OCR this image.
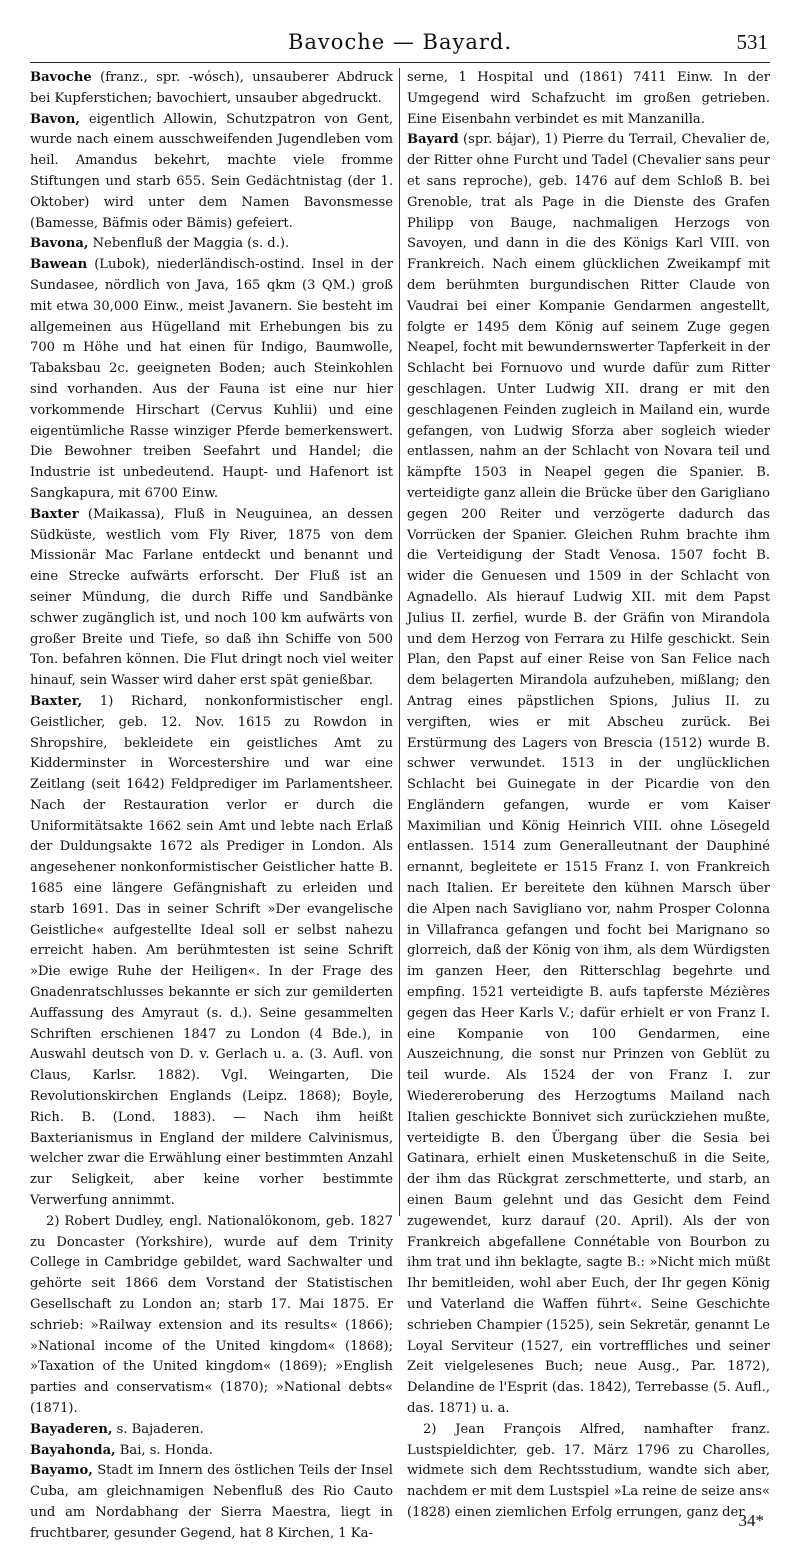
Bavoche — Bayard.	531

Bavoche (franz., spr. -wósch), unsauberer Abdruck bei Kupferstichen; bavochiert, unsauber abgedruckt.

Bavon, eigentlich Allowin, Schutzpatron von Gent, wurde nach einem ausschweifenden Jugendleben vom heil. Amandus bekehrt, machte viele fromme Stiftungen und starb 655. Sein Gedächtnistag (der 1. Oktober) wird unter dem Namen Bavonsmesse (Bamesse, Bäfmis oder Bämis) gefeiert.

Bavona, Nebenfluß der Maggia (s. d.).

Bawean (Lubok), niederländisch-ostind. Insel in der Sundasee, nördlich von Java, 165 qkm (3 QM.) groß mit etwa 30,000 Einw., meist Javanern. Sie besteht im allgemeinen aus Hügelland mit Erhebungen bis zu 700 m Höhe und hat einen für Indigo, Baumwolle, Tabaksbau 2c. geeigneten Boden; auch Steinkohlen sind vorhanden. Aus der Fauna ist eine nur hier vorkommende Hirschart (Cervus Kuhlii) und eine eigentümliche Rasse winziger Pferde bemerkenswert. Die Bewohner treiben Seefahrt und Handel; die Industrie ist unbedeutend. Haupt- und Hafenort ist Sangkapura, mit 6700 Einw.

Baxter (Maikassa), Fluß in Neuguinea, an dessen Südküste, westlich vom Fly River, 1875 von dem Missionär Mac Farlane entdeckt und benannt und eine Strecke aufwärts erforscht. Der Fluß ist an seiner Mündung, die durch Riffe und Sandbänke schwer zugänglich ist, und noch 100 km aufwärts von großer Breite und Tiefe, so daß ihn Schiffe von 500 Ton. befahren können. Die Flut dringt noch viel weiter hinauf, sein Wasser wird daher erst spät genießbar.

Baxter, 1) Richard, nonkonformistischer engl. Geistlicher, geb. 12. Nov. 1615 zu Rowdon in Shropshire, bekleidete ein geistliches Amt zu Kidderminster in Worcestershire und war eine Zeitlang (seit 1642) Feldprediger im Parlamentsheer. Nach der Restauration verlor er durch die Uniformitätsakte 1662 sein Amt und lebte nach Erlaß der Duldungsakte 1672 als Prediger in London. Als angesehener nonkonformistischer Geistlicher hatte B. 1685 eine längere Gefängnishaft zu erleiden und starb 1691. Das in seiner Schrift »Der evangelische Geistliche« aufgestellte Ideal soll er selbst nahezu erreicht haben. Am berühmtesten ist seine Schrift »Die ewige Ruhe der Heiligen«. In der Frage des Gnadenratschlusses bekannte er sich zur gemilderten Auffassung des Amyraut (s. d.). Seine gesammelten Schriften erschienen 1847 zu London (4 Bde.), in Auswahl deutsch von D. v. Gerlach u. a. (3. Aufl. von Claus, Karlsr. 1882). Vgl. Weingarten, Die Revolutionskirchen Englands (Leipz. 1868); Boyle, Rich. B. (Lond. 1883). — Nach ihm heißt Baxterianismus in England der mildere Calvinismus, welcher zwar die Erwählung einer bestimmten Anzahl zur Seligkeit, aber keine vorher bestimmte Verwerfung annimmt.

2) Robert Dudley, engl. Nationalökonom, geb. 1827 zu Doncaster (Yorkshire), wurde auf dem Trinity College in Cambridge gebildet, ward Sachwalter und gehörte seit 1866 dem Vorstand der Statistischen Gesellschaft zu London an; starb 17. Mai 1875. Er schrieb: »Railway extension and its results« (1866); »National income of the United kingdom« (1868); »Taxation of the United kingdom« (1869); »English parties and conservatism« (1870); »National debts« (1871).

Bayaderen, s. Bajaderen.

Bayahonda, Bai, s. Honda.

Bayamo, Stadt im Innern des östlichen Teils der Insel Cuba, am gleichnamigen Nebenfluß des Rio Cauto und am Nordabhang der Sierra Maestra, liegt in fruchtbarer, gesunder Gegend, hat 8 Kirchen, 1 Ka-

serne, 1 Hospital und (1861) 7411 Einw. In der Umgegend wird Schafzucht im großen getrieben. Eine Eisenbahn verbindet es mit Manzanilla.

Bayard (spr. bájar), 1) Pierre du Terrail, Chevalier de, der Ritter ohne Furcht und Tadel (Chevalier sans peur et sans reproche), geb. 1476 auf dem Schloß B. bei Grenoble, trat als Page in die Dienste des Grafen Philipp von Bauge, nachmaligen Herzogs von Savoyen, und dann in die des Königs Karl VIII. von Frankreich. Nach einem glücklichen Zweikampf mit dem berühmten burgundischen Ritter Claude von Vaudrai bei einer Kompanie Gendarmen angestellt, folgte er 1495 dem König auf seinem Zuge gegen Neapel, focht mit bewundernswerter Tapferkeit in der Schlacht bei Fornuovo und wurde dafür zum Ritter geschlagen. Unter Ludwig XII. drang er mit den geschlagenen Feinden zugleich in Mailand ein, wurde gefangen, von Ludwig Sforza aber sogleich wieder entlassen, nahm an der Schlacht von Novara teil und kämpfte 1503 in Neapel gegen die Spanier. B. verteidigte ganz allein die Brücke über den Garigliano gegen 200 Reiter und verzögerte dadurch das Vorrücken der Spanier. Gleichen Ruhm brachte ihm die Verteidigung der Stadt Venosa. 1507 focht B. wider die Genuesen und 1509 in der Schlacht von Agnadello. Als hierauf Ludwig XII. mit dem Papst Julius II. zerfiel, wurde B. der Gräfin von Mirandola und dem Herzog von Ferrara zu Hilfe geschickt. Sein Plan, den Papst auf einer Reise von San Felice nach dem belagerten Mirandola aufzuheben, mißlang; den Antrag eines päpstlichen Spions, Julius II. zu vergiften, wies er mit Abscheu zurück. Bei Erstürmung des Lagers von Brescia (1512) wurde B. schwer verwundet. 1513 in der unglücklichen Schlacht bei Guinegate in der Picardie von den Engländern gefangen, wurde er vom Kaiser Maximilian und König Heinrich VIII. ohne Lösegeld entlassen. 1514 zum Generalleutnant der Dauphiné ernannt, begleitete er 1515 Franz I. von Frankreich nach Italien. Er bereitete den kühnen Marsch über die Alpen nach Savigliano vor, nahm Prosper Colonna in Villafranca gefangen und focht bei Marignano so glorreich, daß der König von ihm, als dem Würdigsten im ganzen Heer, den Ritterschlag begehrte und empfing. 1521 verteidigte B. aufs tapferste Mézières gegen das Heer Karls V.; dafür erhielt er von Franz I. eine Kompanie von 100 Gendarmen, eine Auszeichnung, die sonst nur Prinzen von Geblüt zu teil wurde. Als 1524 der von Franz I. zur Wiedereroberung des Herzogtums Mailand nach Italien geschickte Bonnivet sich zurückziehen mußte, verteidigte B. den Übergang über die Sesia bei Gatinara, erhielt einen Musketenschuß in die Seite, der ihm das Rückgrat zerschmetterte, und starb, an einen Baum gelehnt und das Gesicht dem Feind zugewendet, kurz darauf (20. April). Als der von Frankreich abgefallene Connétable von Bourbon zu ihm trat und ihn beklagte, sagte B.: »Nicht mich müßt Ihr bemitleiden, wohl aber Euch, der Ihr gegen König und Vaterland die Waffen führt«. Seine Geschichte schrieben Champier (1525), sein Sekretär, genannt Le Loyal Serviteur (1527, ein vortreffliches und seiner Zeit vielgelesenes Buch; neue Ausg., Par. 1872), Delandine de l'Esprit (das. 1842), Terrebasse (5. Aufl., das. 1871) u. a.

2) Jean François Alfred, namhafter franz. Lustspieldichter, geb. 17. März 1796 zu Charolles, widmete sich dem Rechtsstudium, wandte sich aber, nachdem er mit dem Lustspiel »La reine de seize ans« (1828) einen ziemlichen Erfolg errungen, ganz der

34*
